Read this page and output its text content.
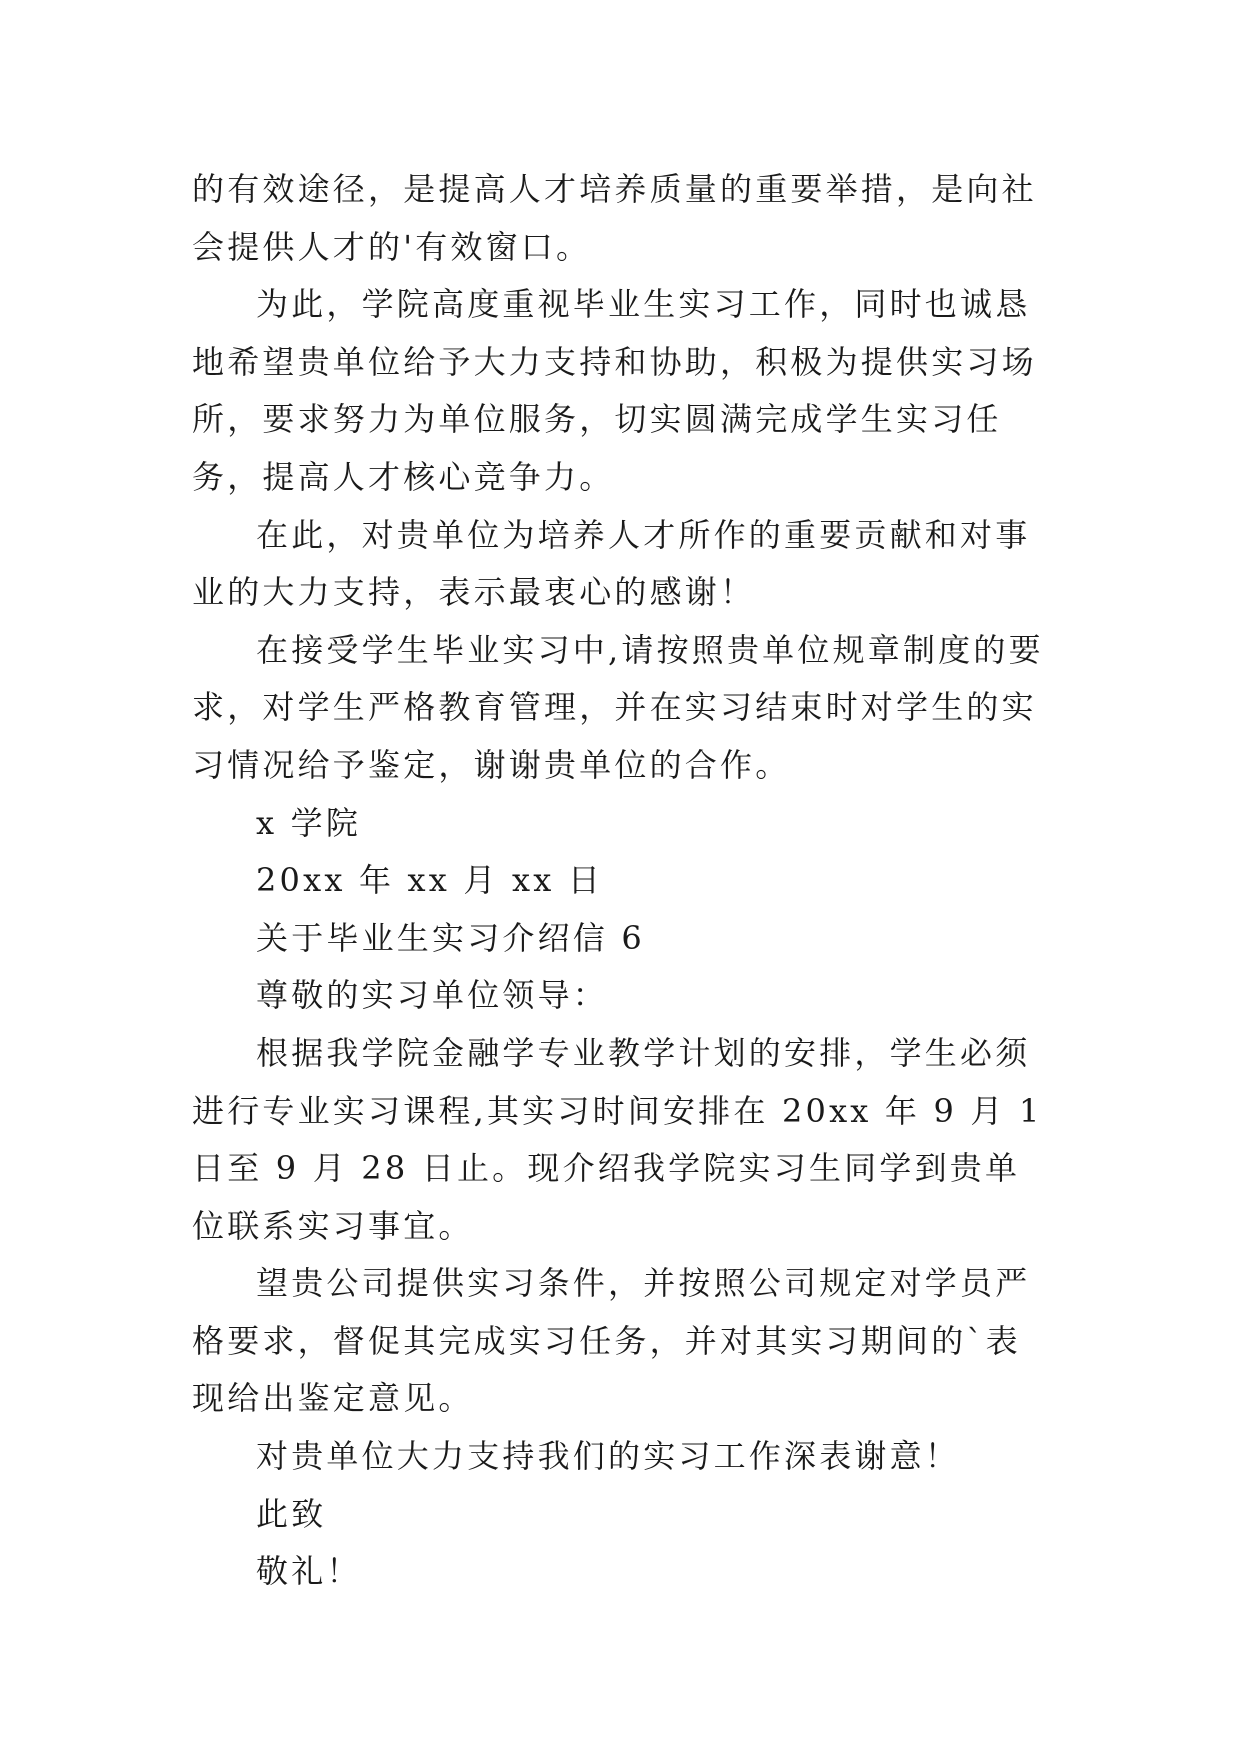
的有效途径，是提高人才培养质量的重要举措，是向社会提供人才的'有效窗口。

为此，学院高度重视毕业生实习工作，同时也诚恳地希望贵单位给予大力支持和协助，积极为提供实习场所，要求努力为单位服务，切实圆满完成学生实习任务，提高人才核心竞争力。

在此，对贵单位为培养人才所作的重要贡献和对事业的大力支持，表示最衷心的感谢！

在接受学生毕业实习中,请按照贵单位规章制度的要求，对学生严格教育管理，并在实习结束时对学生的实习情况给予鉴定，谢谢贵单位的合作。

x 学院

20xx 年 xx 月 xx 日

关于毕业生实习介绍信 6

尊敬的实习单位领导：

根据我学院金融学专业教学计划的安排，学生必须进行专业实习课程,其实习时间安排在 20xx 年 9 月 1 日至 9 月 28 日止。现介绍我学院实习生同学到贵单位联系实习事宜。

望贵公司提供实习条件，并按照公司规定对学员严格要求，督促其完成实习任务，并对其实习期间的`表现给出鉴定意见。

对贵单位大力支持我们的实习工作深表谢意！

此致

敬礼！
